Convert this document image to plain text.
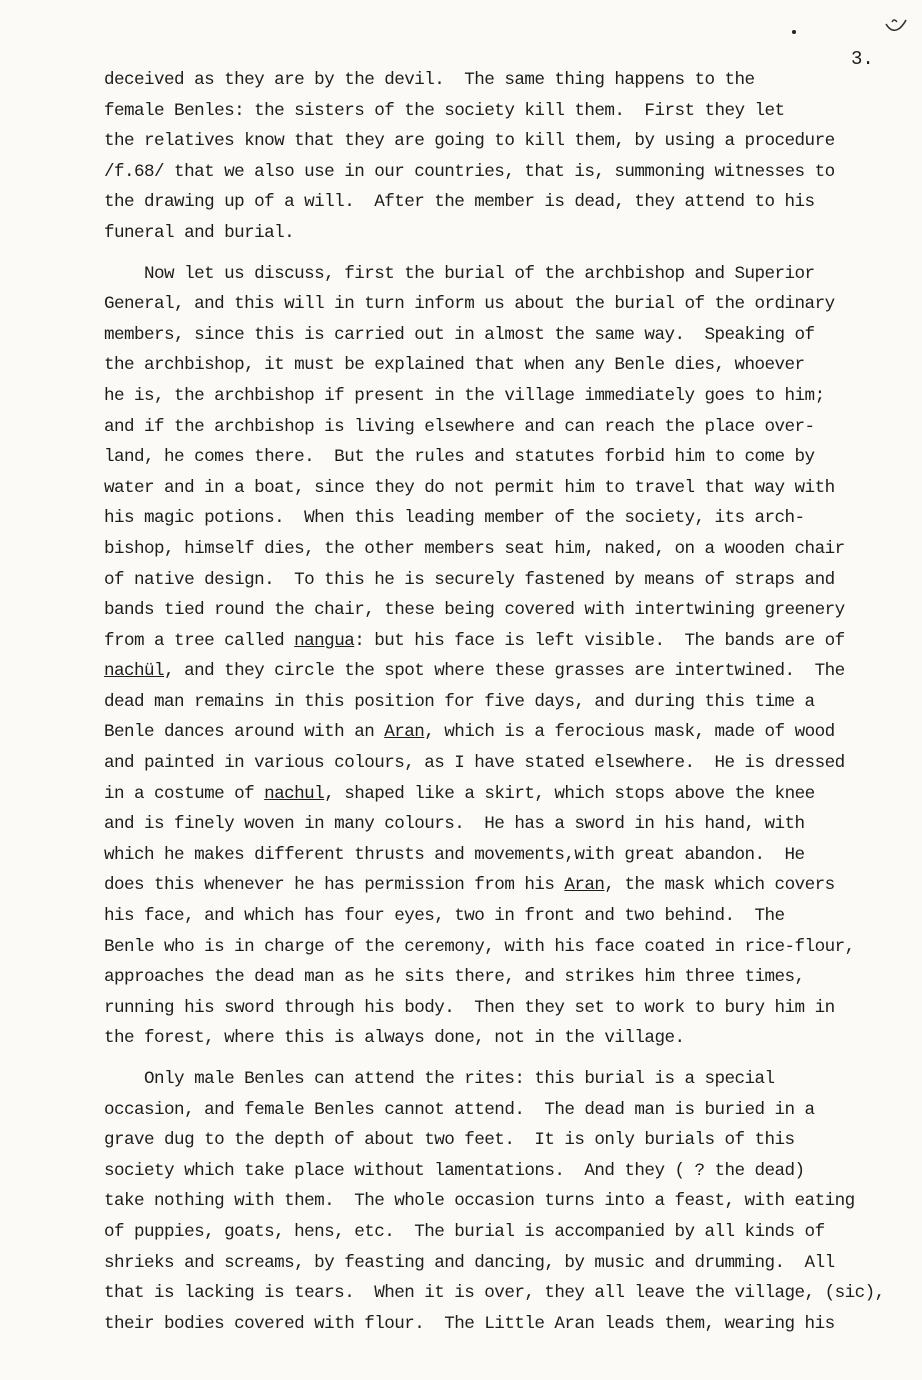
3.
deceived as they are by the devil.  The same thing happens to the
female Benles: the sisters of the society kill them.  First they let
the relatives know that they are going to kill them, by using a procedure
/f.68/ that we also use in our countries, that is, summoning witnesses to
the drawing up of a will.  After the member is dead, they attend to his
funeral and burial.
Now let us discuss, first the burial of the archbishop and Superior
General, and this will in turn inform us about the burial of the ordinary
members, since this is carried out in almost the same way.  Speaking of
the archbishop, it must be explained that when any Benle dies, whoever
he is, the archbishop if present in the village immediately goes to him;
and if the archbishop is living elsewhere and can reach the place over-
land, he comes there.  But the rules and statutes forbid him to come by
water and in a boat, since they do not permit him to travel that way with
his magic potions.  When this leading member of the society, its arch-
bishop, himself dies, the other members seat him, naked, on a wooden chair
of native design.  To this he is securely fastened by means of straps and
bands tied round the chair, these being covered with intertwining greenery
from a tree called nangua: but his face is left visible.  The bands are of
nachül, and they circle the spot where these grasses are intertwined.  The
dead man remains in this position for five days, and during this time a
Benle dances around with an Aran, which is a ferocious mask, made of wood
and painted in various colours, as I have stated elsewhere.  He is dressed
in a costume of nachul, shaped like a skirt, which stops above the knee
and is finely woven in many colours.  He has a sword in his hand, with
which he makes different thrusts and movements,with great abandon.  He
does this whenever he has permission from his Aran, the mask which covers
his face, and which has four eyes, two in front and two behind.  The
Benle who is in charge of the ceremony, with his face coated in rice-flour,
approaches the dead man as he sits there, and strikes him three times,
running his sword through his body.  Then they set to work to bury him in
the forest, where this is always done, not in the village.
Only male Benles can attend the rites: this burial is a special
occasion, and female Benles cannot attend.  The dead man is buried in a
grave dug to the depth of about two feet.  It is only burials of this
society which take place without lamentations.  And they ( ? the dead)
take nothing with them.  The whole occasion turns into a feast, with eating
of puppies, goats, hens, etc.  The burial is accompanied by all kinds of
shrieks and screams, by feasting and dancing, by music and drumming.  All
that is lacking is tears.  When it is over, they all leave the village, (sic),
their bodies covered with flour.  The Little Aran leads them, wearing his
